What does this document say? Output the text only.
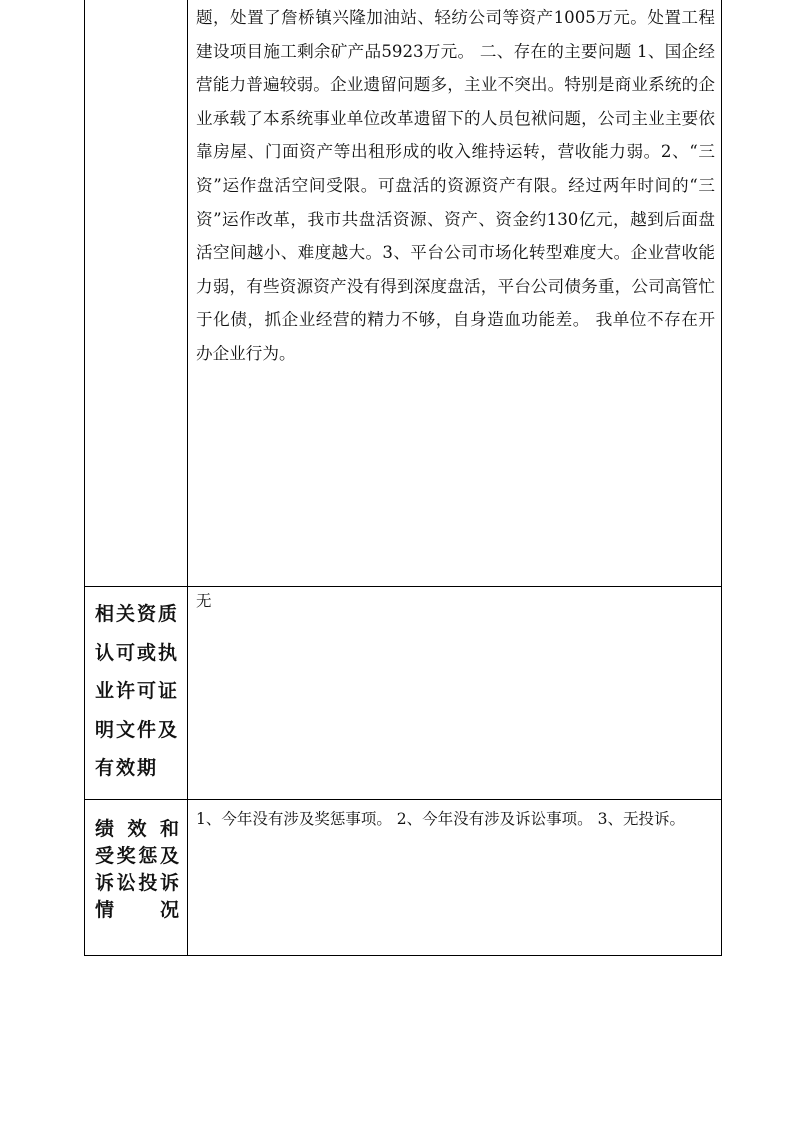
	题，处置了詹桥镇兴隆加油站、轻纺公司等资产1005万元。处置工程建设项目施工剩余矿产品5923万元。 二、存在的主要问题 1、国企经营能力普遍较弱。企业遗留问题多，主业不突出。特别是商业系统的企业承载了本系统事业单位改革遗留下的人员包袱问题，公司主业主要依靠房屋、门面资产等出租形成的收入维持运转，营收能力弱。2、“三资”运作盘活空间受限。可盘活的资源资产有限。经过两年时间的“三资”运作改革，我市共盘活资源、资产、资金约130亿元，越到后面盘活空间越小、难度越大。3、平台公司市场化转型难度大。企业营收能力弱，有些资源资产没有得到深度盘活，平台公司债务重，公司高管忙于化债，抓企业经营的精力不够，自身造血功能差。 我单位不存在开办企业行为。

相关资质认可或执业许可证明文件及有效期	无

绩效和
受奖惩及
诉讼投诉
情况	1、今年没有涉及奖惩事项。 2、今年没有涉及诉讼事项。 3、无投诉。
